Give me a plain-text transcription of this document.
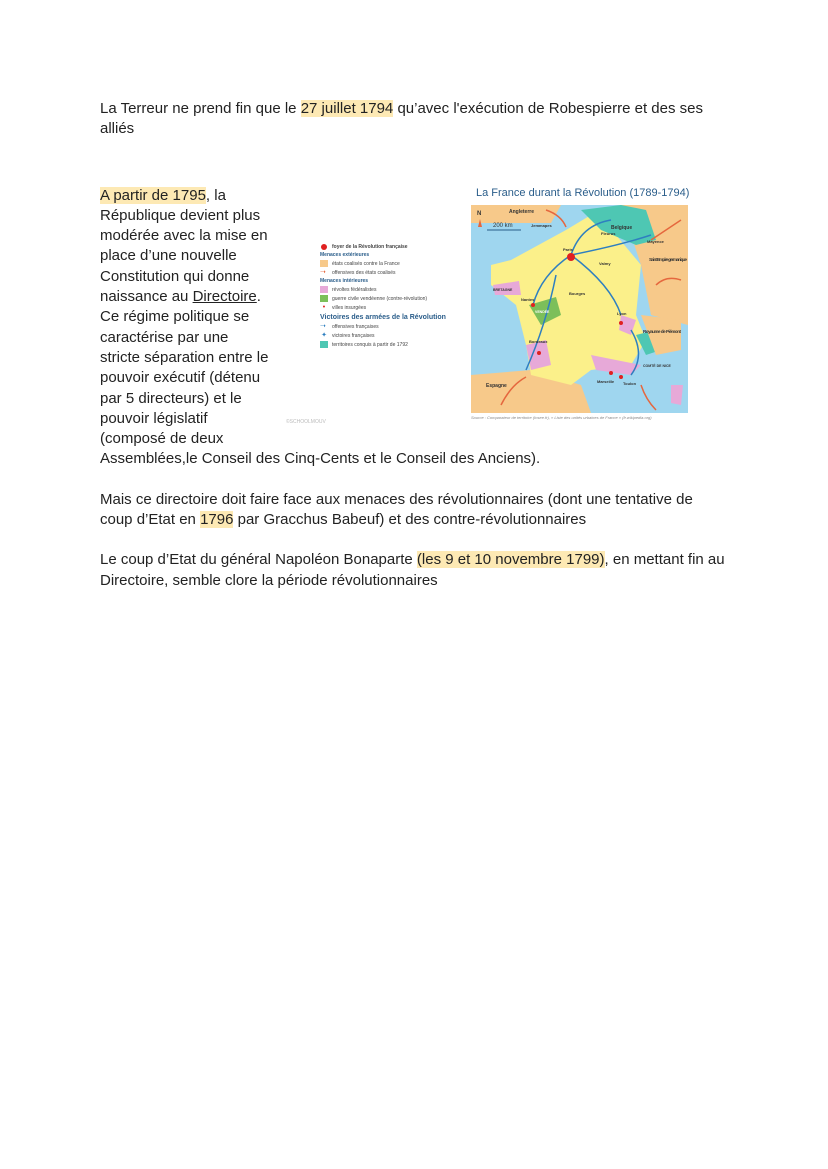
La Terreur ne prend fin que le 27 juillet 1794 qu’avec l'exécution de Robespierre et des ses alliés

A partir de 1795, la République devient plus modérée avec la mise en place d’une nouvelle Constitution qui donne naissance au Directoire. Ce régime politique se caractérise par une stricte séparation entre le pouvoir exécutif (détenu par 5 directeurs) et le pouvoir législatif (composé de deux Assemblées,le Conseil des Cinq-Cents et le Conseil des Anciens).

Mais ce directoire doit faire face aux menaces des révolutionnaires (dont une tentative de coup d’Etat en 1796 par Gracchus Babeuf) et des contre-révolutionnaires

Le coup d’Etat du général Napoléon Bonaparte (les 9 et 10 novembre 1799), en mettant fin au Directoire, semble clore la période révolutionnaires

La France durant la Révolution (1789-1794)
foyer de la Révolution française
Menaces extérieures
états coalisés contre la France
➝	offensives des états coalisés
Menaces intérieures
révoltes fédéralistes
guerre civile vendéenne (contre-révolution)
•	villes insurgées
Victoires des armées de la Révolution
➝	offensives françaises
✦ victoires françaises
territoires conquis à partir de 1792
Angleterre
Belgique
Jemmapes
Fleurus
Mayence
Paris
Valmy
Saint Empire germanique
BRETAGNE
Nantes
VENDÉE
Bourges
Lyon
Royaume de Piémont
Bordeaux
Espagne
Marseille Toulon
COMTÉ DE NICE
N
200 km
Source : Comparateur de territoire (Insee.fr), « Liste des unités urbaines de France » (fr.wikipedia.org)
©SCHOOLMOUV
